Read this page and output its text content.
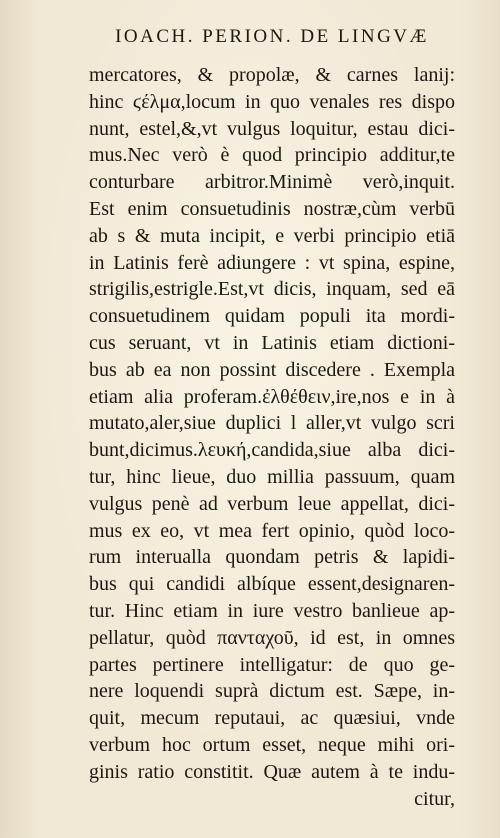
IOACH. PERION. DE LINGVÆ
mercatores, & propolæ, & carnes lanij:
hinc ϛέλμα,locum in quo venales res dispo
nunt, estel,&,vt vulgus loquitur, estau dici-
mus.Nec verò è quod principio additur,te
conturbare arbitror.Minimè verò,inquit.
Est enim consuetudinis nostræ,cùm verbū
ab s & muta incipit, e verbi principio etiā
in Latinis ferè adiungere : vt spina, espine,
strigilis,estrigle.Est,vt dicis, inquam, sed eā
consuetudinem quidam populi ita mordi-
cus seruant, vt in Latinis etiam dictioni-
bus ab ea non possint discedere . Exempla
etiam alia proferam.ἐλθέθειν,ire,nos e in à
mutato,aler,siue duplici l aller,vt vulgo scri
bunt,dicimus.λευκή,candida,siue alba dici-
tur, hinc lieue, duo millia passuum, quam
vulgus penè ad verbum leue appellat, dici-
mus ex eo, vt mea fert opinio, quòd loco-
rum interualla quondam petris & lapidi-
bus qui candidi albíque essent,designaren-
tur. Hinc etiam in iure vestro banlieue ap-
pellatur, quòd πανταχοῦ, id est, in omnes
partes pertinere intelligatur: de quo ge-
nere loquendi suprà dictum est. Sæpe, in-
quit, mecum reputaui, ac quæsiui, vnde
verbum hoc ortum esset, neque mihi ori-
ginis ratio constitit. Quæ autem à te indu-
citur,
